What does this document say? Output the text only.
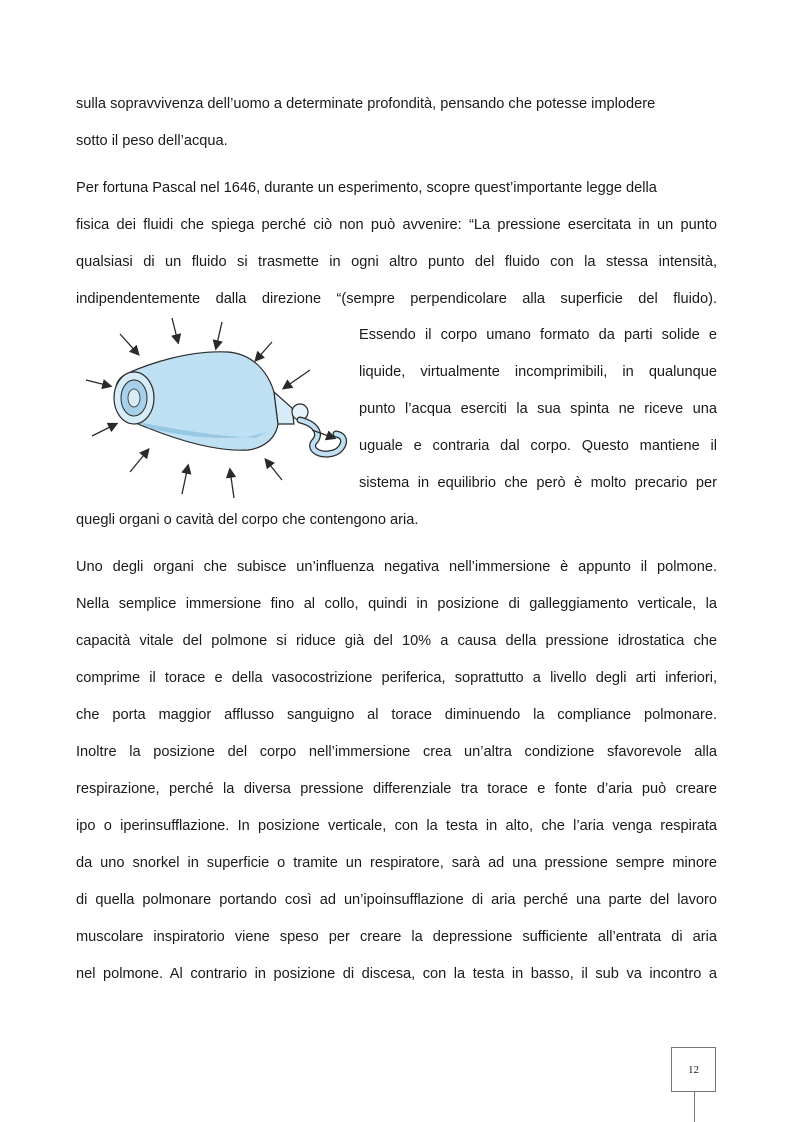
sulla sopravvivenza dell’uomo a determinate profondità, pensando che potesse implodere
sotto il peso dell’acqua.
Per fortuna Pascal nel 1646, durante un esperimento, scopre quest’importante legge della
fisica dei fluidi che spiega perché ciò non può avvenire: “La pressione esercitata in un punto
qualsiasi di un fluido si trasmette in ogni altro punto del fluido con la stessa intensità,
indipendentemente dalla direzione “(sempre perpendicolare alla superficie del fluido).
Essendo il corpo umano formato da parti solide e
liquide, virtualmente incomprimibili, in qualunque
punto l’acqua eserciti la sua spinta ne riceve una
uguale e contraria dal corpo. Questo mantiene il
sistema in equilibrio che però è molto precario per
quegli organi o cavità del corpo che contengono aria.
Uno degli organi che subisce un’influenza negativa nell’immersione è appunto il polmone.
Nella semplice immersione fino al collo, quindi in posizione di galleggiamento verticale, la
capacità vitale del polmone si riduce già del 10% a causa della pressione idrostatica che
comprime il torace e della vasocostrizione periferica, soprattutto a livello degli arti inferiori,
che porta maggior afflusso sanguigno al torace diminuendo la compliance polmonare.
Inoltre la posizione del corpo nell’immersione crea un’altra condizione sfavorevole alla
respirazione, perché la diversa pressione differenziale tra torace e fonte d’aria può creare
ipo o iperinsufflazione. In posizione verticale, con la testa in alto, che l’aria venga respirata
da uno snorkel in superficie o tramite un respiratore, sarà ad una pressione sempre minore
di quella polmonare portando così ad un’ipoinsufflazione di aria perché una parte del lavoro
muscolare inspiratorio viene speso per creare la depressione sufficiente all’entrata di aria
nel polmone. Al contrario in posizione di discesa, con la testa in basso, il sub va incontro a
12
